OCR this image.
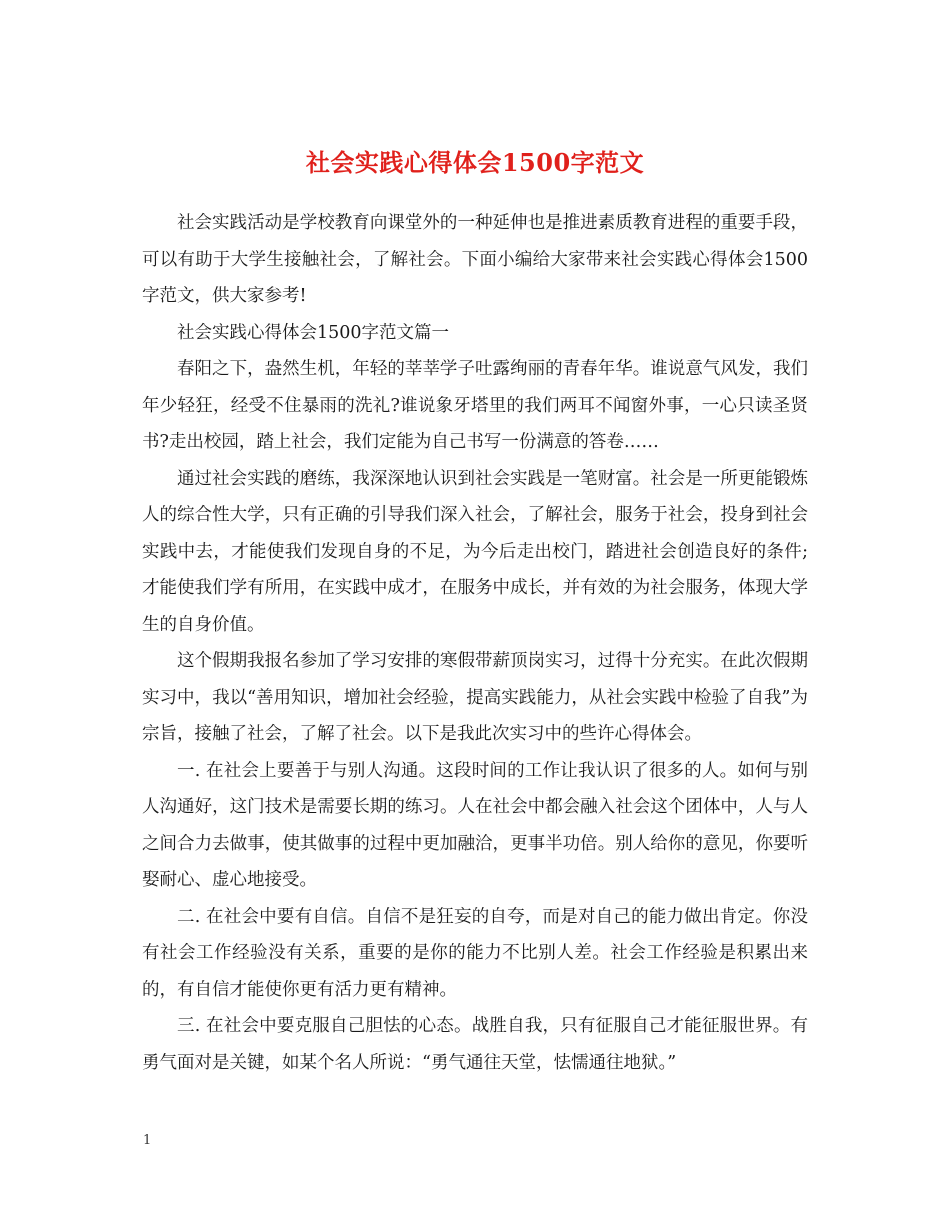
社会实践心得体会1500字范文

社会实践活动是学校教育向课堂外的一种延伸也是推进素质教育进程的重要手段，可以有助于大学生接触社会，了解社会。下面小编给大家带来社会实践心得体会1500字范文，供大家参考!

社会实践心得体会1500字范文篇一

春阳之下，盎然生机，年轻的莘莘学子吐露绚丽的青春年华。谁说意气风发，我们年少轻狂，经受不住暴雨的洗礼?谁说象牙塔里的我们两耳不闻窗外事，一心只读圣贤书?走出校园，踏上社会，我们定能为自己书写一份满意的答卷……

通过社会实践的磨练，我深深地认识到社会实践是一笔财富。社会是一所更能锻炼人的综合性大学，只有正确的引导我们深入社会，了解社会，服务于社会，投身到社会实践中去，才能使我们发现自身的不足，为今后走出校门，踏进社会创造良好的条件;才能使我们学有所用，在实践中成才，在服务中成长，并有效的为社会服务，体现大学生的自身价值。

这个假期我报名参加了学习安排的寒假带薪顶岗实习，过得十分充实。在此次假期实习中，我以“善用知识，增加社会经验，提高实践能力，从社会实践中检验了自我”为宗旨，接触了社会，了解了社会。以下是我此次实习中的些许心得体会。

一. 在社会上要善于与别人沟通。这段时间的工作让我认识了很多的人。如何与别人沟通好，这门技术是需要长期的练习。人在社会中都会融入社会这个团体中，人与人之间合力去做事，使其做事的过程中更加融洽，更事半功倍。别人给你的意见，你要听娶耐心、虚心地接受。

二. 在社会中要有自信。自信不是狂妄的自夸，而是对自己的能力做出肯定。你没有社会工作经验没有关系，重要的是你的能力不比别人差。社会工作经验是积累出来的，有自信才能使你更有活力更有精神。

三. 在社会中要克服自己胆怯的心态。战胜自我，只有征服自己才能征服世界。有勇气面对是关键，如某个名人所说：“勇气通往天堂，怯懦通往地狱。”

1
